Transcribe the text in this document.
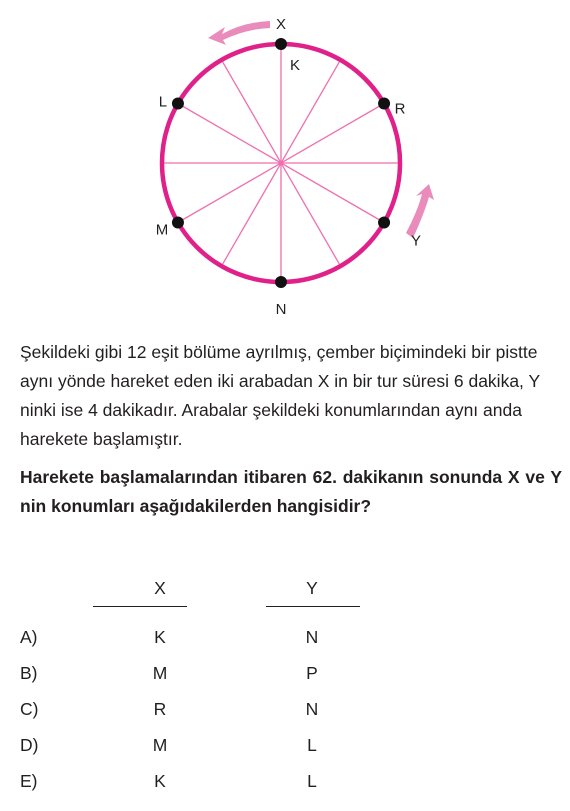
X
K
R
Y
N
M
L

Şekildeki gibi 12 eşit bölüme ayrılmış, çember biçimindeki bir pistte aynı yönde hareket eden iki arabadan X in bir tur süresi 6 dakika, Y ninki ise 4 dakikadır. Arabalar şekildeki konumlarından aynı anda harekete başlamıştır.

Harekete başlamalarından itibaren 62. dakikanın sonunda X ve Y nin konumları aşağıdakilerden hangisidir?

X	Y
A)	K	N
B)	M	P
C)	R	N
D)	M	L
E)	K	L
